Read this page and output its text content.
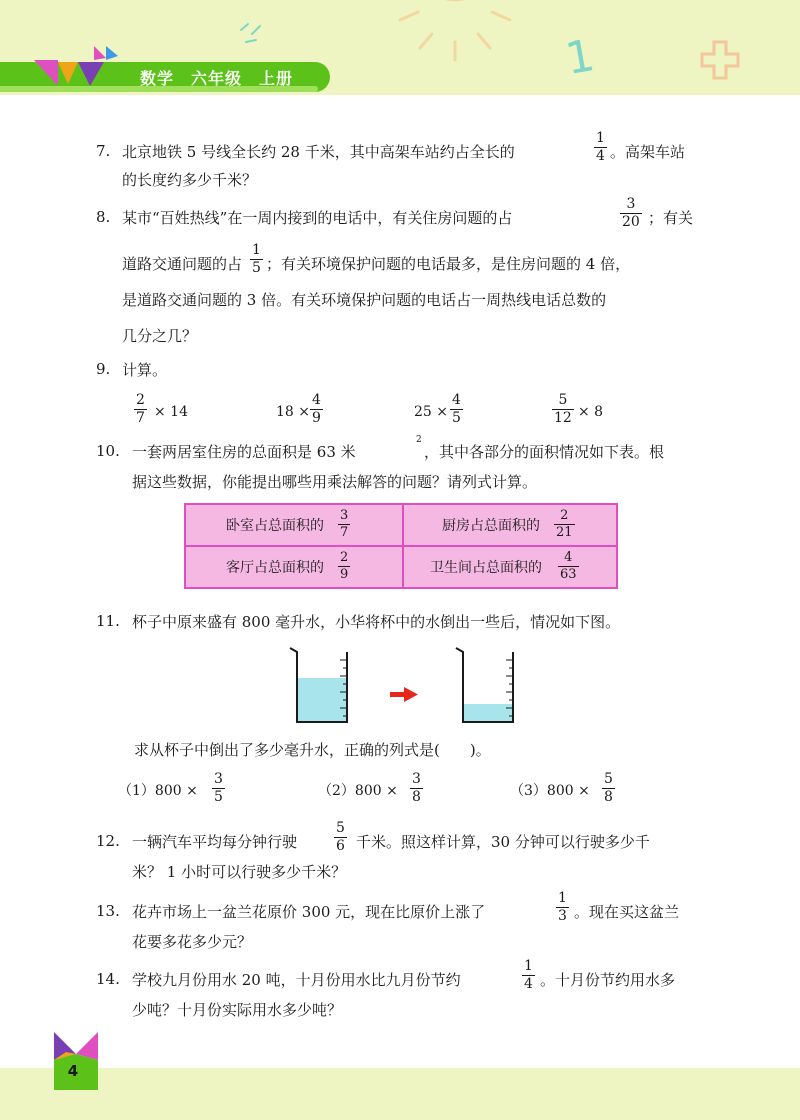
1
数学　六年级　上册
7. 北京地铁 5 号线全长约 28 千米，其中高架车站约占全长的	$\frac{1}{4}$ 。高架车站
的长度约多少千米？
8. 某市“百姓热线”在一周内接到的电话中，有关住房问题的占	$\frac{3}{20}$ ；有关
道路交通问题的占 $\frac{1}{5}$ ；有关环境保护问题的电话最多，是住房问题的 4 倍，
是道路交通问题的 3 倍。有关环境保护问题的电话占一周热线电话总数的
几分之几？
9. 计算。
$\frac{2}{7} \times 14$	$18 \times \frac{4}{9}$	$25 \times \frac{4}{5}$	$\frac{5}{12} \times 8$
10. 一套两居室住房的总面积是 63 米
2
，其中各部分的面积情况如下表。根
据这些数据，你能提出哪些用乘法解答的问题？请列式计算。
卧室占总面积的 $\frac{3}{7}$	厨房占总面积的 $\frac{2}{21}$
客厅占总面积的 $\frac{2}{9}$	卫生间占总面积的 $\frac{4}{63}$
11. 杯子中原来盛有 800 毫升水，小华将杯中的水倒出一些后，情况如下图。
求从杯子中倒出了多少毫升水，正确的列式是(　　)。
$(1)800 \times \frac{3}{5}$	$(2)800 \times \frac{3}{8}$	$(3)800 \times \frac{5}{8}$
12. 一辆汽车平均每分钟行驶	$\frac{5}{6}$ 千米。照这样计算，30 分钟可以行驶多少千
米？ 1 小时可以行驶多少千米？
13. 花卉市场上一盆兰花原价 300 元，现在比原价上涨了	$\frac{1}{3}$ 。现在买这盆兰
花要多花多少元？
14. 学校九月份用水 20 吨，十月份用水比九月份节约	$\frac{1}{4}$ 。十月份节约用水多
少吨？十月份实际用水多少吨？
4
